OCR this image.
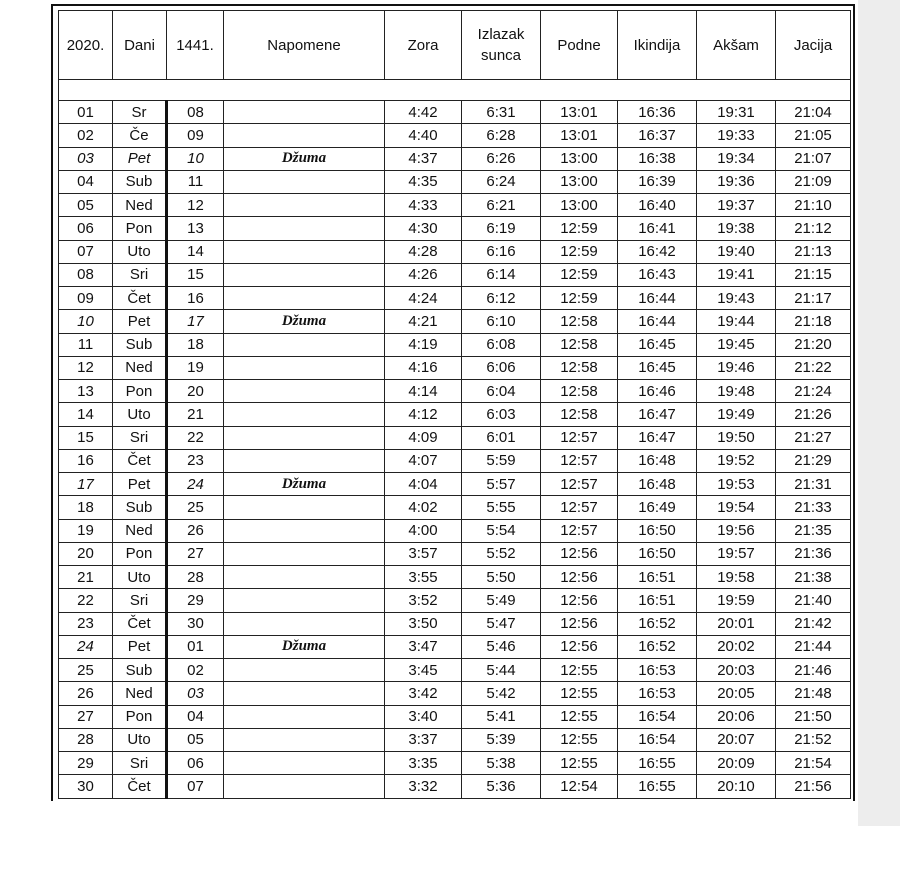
2020.	Dani	1441.	Napomene	Zora	Izlazak sunca	Podne	Ikindija	Akšam	Jacija

01	Sr	08		4:42	6:31	13:01	16:36	19:31	21:04
02	Če	09		4:40	6:28	13:01	16:37	19:33	21:05
03	Pet	10	Džuma	4:37	6:26	13:00	16:38	19:34	21:07
04	Sub	11		4:35	6:24	13:00	16:39	19:36	21:09
05	Ned	12		4:33	6:21	13:00	16:40	19:37	21:10
06	Pon	13		4:30	6:19	12:59	16:41	19:38	21:12
07	Uto	14		4:28	6:16	12:59	16:42	19:40	21:13
08	Sri	15		4:26	6:14	12:59	16:43	19:41	21:15
09	Čet	16		4:24	6:12	12:59	16:44	19:43	21:17
10	Pet	17	Džuma	4:21	6:10	12:58	16:44	19:44	21:18
11	Sub	18		4:19	6:08	12:58	16:45	19:45	21:20
12	Ned	19		4:16	6:06	12:58	16:45	19:46	21:22
13	Pon	20		4:14	6:04	12:58	16:46	19:48	21:24
14	Uto	21		4:12	6:03	12:58	16:47	19:49	21:26
15	Sri	22		4:09	6:01	12:57	16:47	19:50	21:27
16	Čet	23		4:07	5:59	12:57	16:48	19:52	21:29
17	Pet	24	Džuma	4:04	5:57	12:57	16:48	19:53	21:31
18	Sub	25		4:02	5:55	12:57	16:49	19:54	21:33
19	Ned	26		4:00	5:54	12:57	16:50	19:56	21:35
20	Pon	27		3:57	5:52	12:56	16:50	19:57	21:36
21	Uto	28		3:55	5:50	12:56	16:51	19:58	21:38
22	Sri	29		3:52	5:49	12:56	16:51	19:59	21:40
23	Čet	30		3:50	5:47	12:56	16:52	20:01	21:42
24	Pet	01	Džuma	3:47	5:46	12:56	16:52	20:02	21:44
25	Sub	02		3:45	5:44	12:55	16:53	20:03	21:46
26	Ned	03		3:42	5:42	12:55	16:53	20:05	21:48
27	Pon	04		3:40	5:41	12:55	16:54	20:06	21:50
28	Uto	05		3:37	5:39	12:55	16:54	20:07	21:52
29	Sri	06		3:35	5:38	12:55	16:55	20:09	21:54
30	Čet	07		3:32	5:36	12:54	16:55	20:10	21:56
